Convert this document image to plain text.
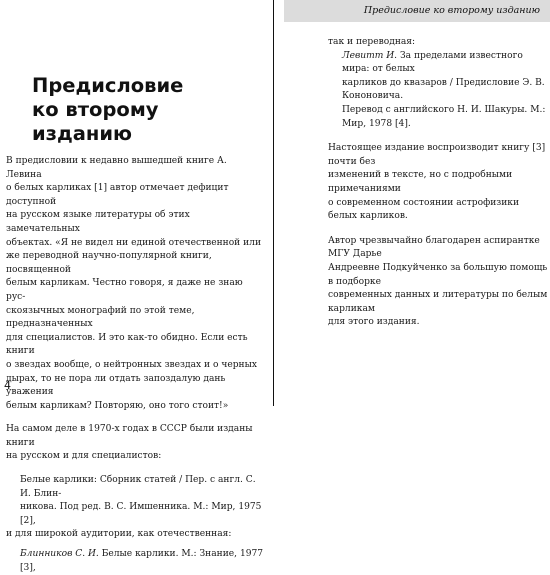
Предисловие
ко второму изданию

В предисловии к недавно вышедшей книге А. Левина
о белых карликах [1] автор отмечает дефицит доступной
на русском языке литературы об этих замечательных
объектах. «Я не видел ни единой отечественной или
же переводной научно-популярной книги, посвященной
белым карликам. Честно говоря, я даже не знаю рус-
скоязычных монографий по этой теме, предназначенных
для специалистов. И это как-то обидно. Если есть книги
о звездах вообще, о нейтронных звездах и о черных
дырах, то не пора ли отдать запоздалую дань уважения
белым карликам? Повторяю, оно того стоит!»

На самом деле в 1970-х годах в СССР были изданы книги
на русском и для специалистов:

Белые карлики: Сборник статей / Пер. с англ. С. И. Блин-
никова. Под ред. В. С. Имшенника. М.: Мир, 1975 [2],

и для широкой аудитории, как отечественная:

Блинников С. И. Белые карлики. М.: Знание, 1977 [3],

4
Предисловие ко второму изданию

так и переводная:

Левитт И. За пределами известного мира: от белых
карликов до квазаров / Предисловие Э. В. Кононовича.
Перевод с английского Н. И. Шакуры. М.: Мир, 1978 [4].

Настоящее издание воспроизводит книгу [3] почти без
изменений в тексте, но с подробными примечаниями
о современном состоянии астрофизики белых карликов.

Автор чрезвычайно благодарен аспирантке МГУ Дарье
Андреевне Подкуйченко за большую помощь в подборке
современных данных и литературы по белым карликам
для этого издания.
